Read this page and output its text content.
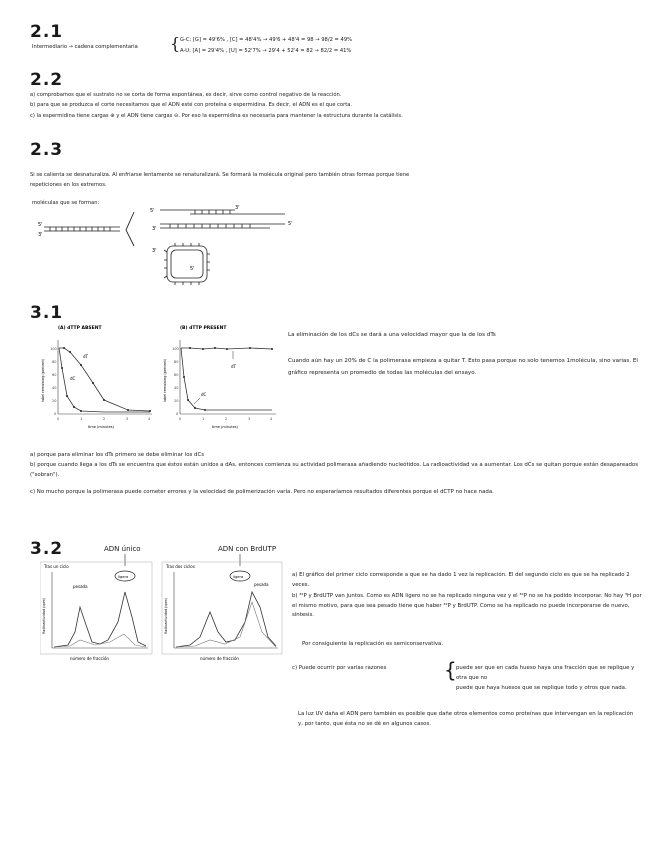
2.1
Intermediario → cadena complementaria { G-C: [G] = 49'6% , [C] = 48'4% → 49'6 + 48'4 = 98 → 98/2 = 49%
A-U: [A] = 29'4% , [U] = 52'7% → 29'4 + 52'4 = 82 → 82/2 = 41%
2.2
a) comprobamos que el sustrato no se corta de forma espontánea, es decir, sirve como control negativo de la reacción.
b) para que se produzca el corte necesitamos que el ADN esté con proteína o espermidina. Es decir, el ADN es el que corta.
c) la espermidina tiene cargas ⊕ y el ADN tiene cargas ⊖. Por eso la espermidina es necesaria para mantener la estructura durante la catálisis.
2.3
Si se calienta se desnaturaliza. Al enfriarse lentamente se renaturalizará. Se formará la molécula original pero también otras formas porque tiene
repeticiones en los extremos.
moléculas que se forman:
5'
3'
5'	3'
3'
5'
3'
5'
3.1
(A) dTTP ABSENT
100
80
60
40
20
0
0	1	2	3	4
label remaining (percent)
time (minutes)
dT
dC
(B) dTTP PRESENT
100
80
60
40
20
0
0	1	2	3	4
label remaining (percent)
time (minutes)
dT
dC
La eliminación de los dCs se dará a una velocidad mayor que la de los dTs
Cuando aún hay un 20% de C la polimerasa empieza a quitar T. Esto pasa porque no solo tenemos 1molécula, sino varias. El gráfico representa un promedio de todas las moléculas del ensayo.
a) porque para eliminar los dTs primero se debe eliminar los dCs
b) porque cuando llega a los dTs se encuentra que éstos están unidos a dAs, entonces comienza su actividad polimerasa añadiendo nucleótidos. La radioactividad va a aumentar. Los dCs se quitan porque están desapareados ("sobran").
c) No mucho porque la polimerasa puede cometer errores y la velocidad de polimerización varía. Pero no esperaríamos resultados diferentes porque el dCTP no hace nada.
3.2	ADN único	ADN con BrdUTP
Tras un ciclo
Radioactividad (cpm)
pesada
ligera
número de fracción
Tras dos ciclos
Radioactividad (cpm)
ligera
pesada
número de fracción
a) El gráfico del primer ciclo corresponde a que se ha dado 1 vez la replicación. El del segundo ciclo es que se ha replicado 2 veces.
b) ³²P y BrdUTP van juntos. Como es ADN ligero no se ha replicado ninguna vez y el ³²P no se ha podido incorporar. No hay ³H por el mismo motivo, para que sea pesado tiene que haber ³²P y BrdUTP. Como se ha replicado no puede incorporarse de nuevo, síntesis.
Por consiguiente la replicación es semiconservativa.
c) Puede ocurrir por varias razones	{ puede ser que en cada hueso haya una fracción que se replique y otra que no
puede que haya huesos que se replique todo y otros que nada.
La luz UV daña el ADN pero también es posible que dañe otros elementos como proteínas que intervengan en la replicación y, por tanto, que ésta no se dé en algunos casos.
